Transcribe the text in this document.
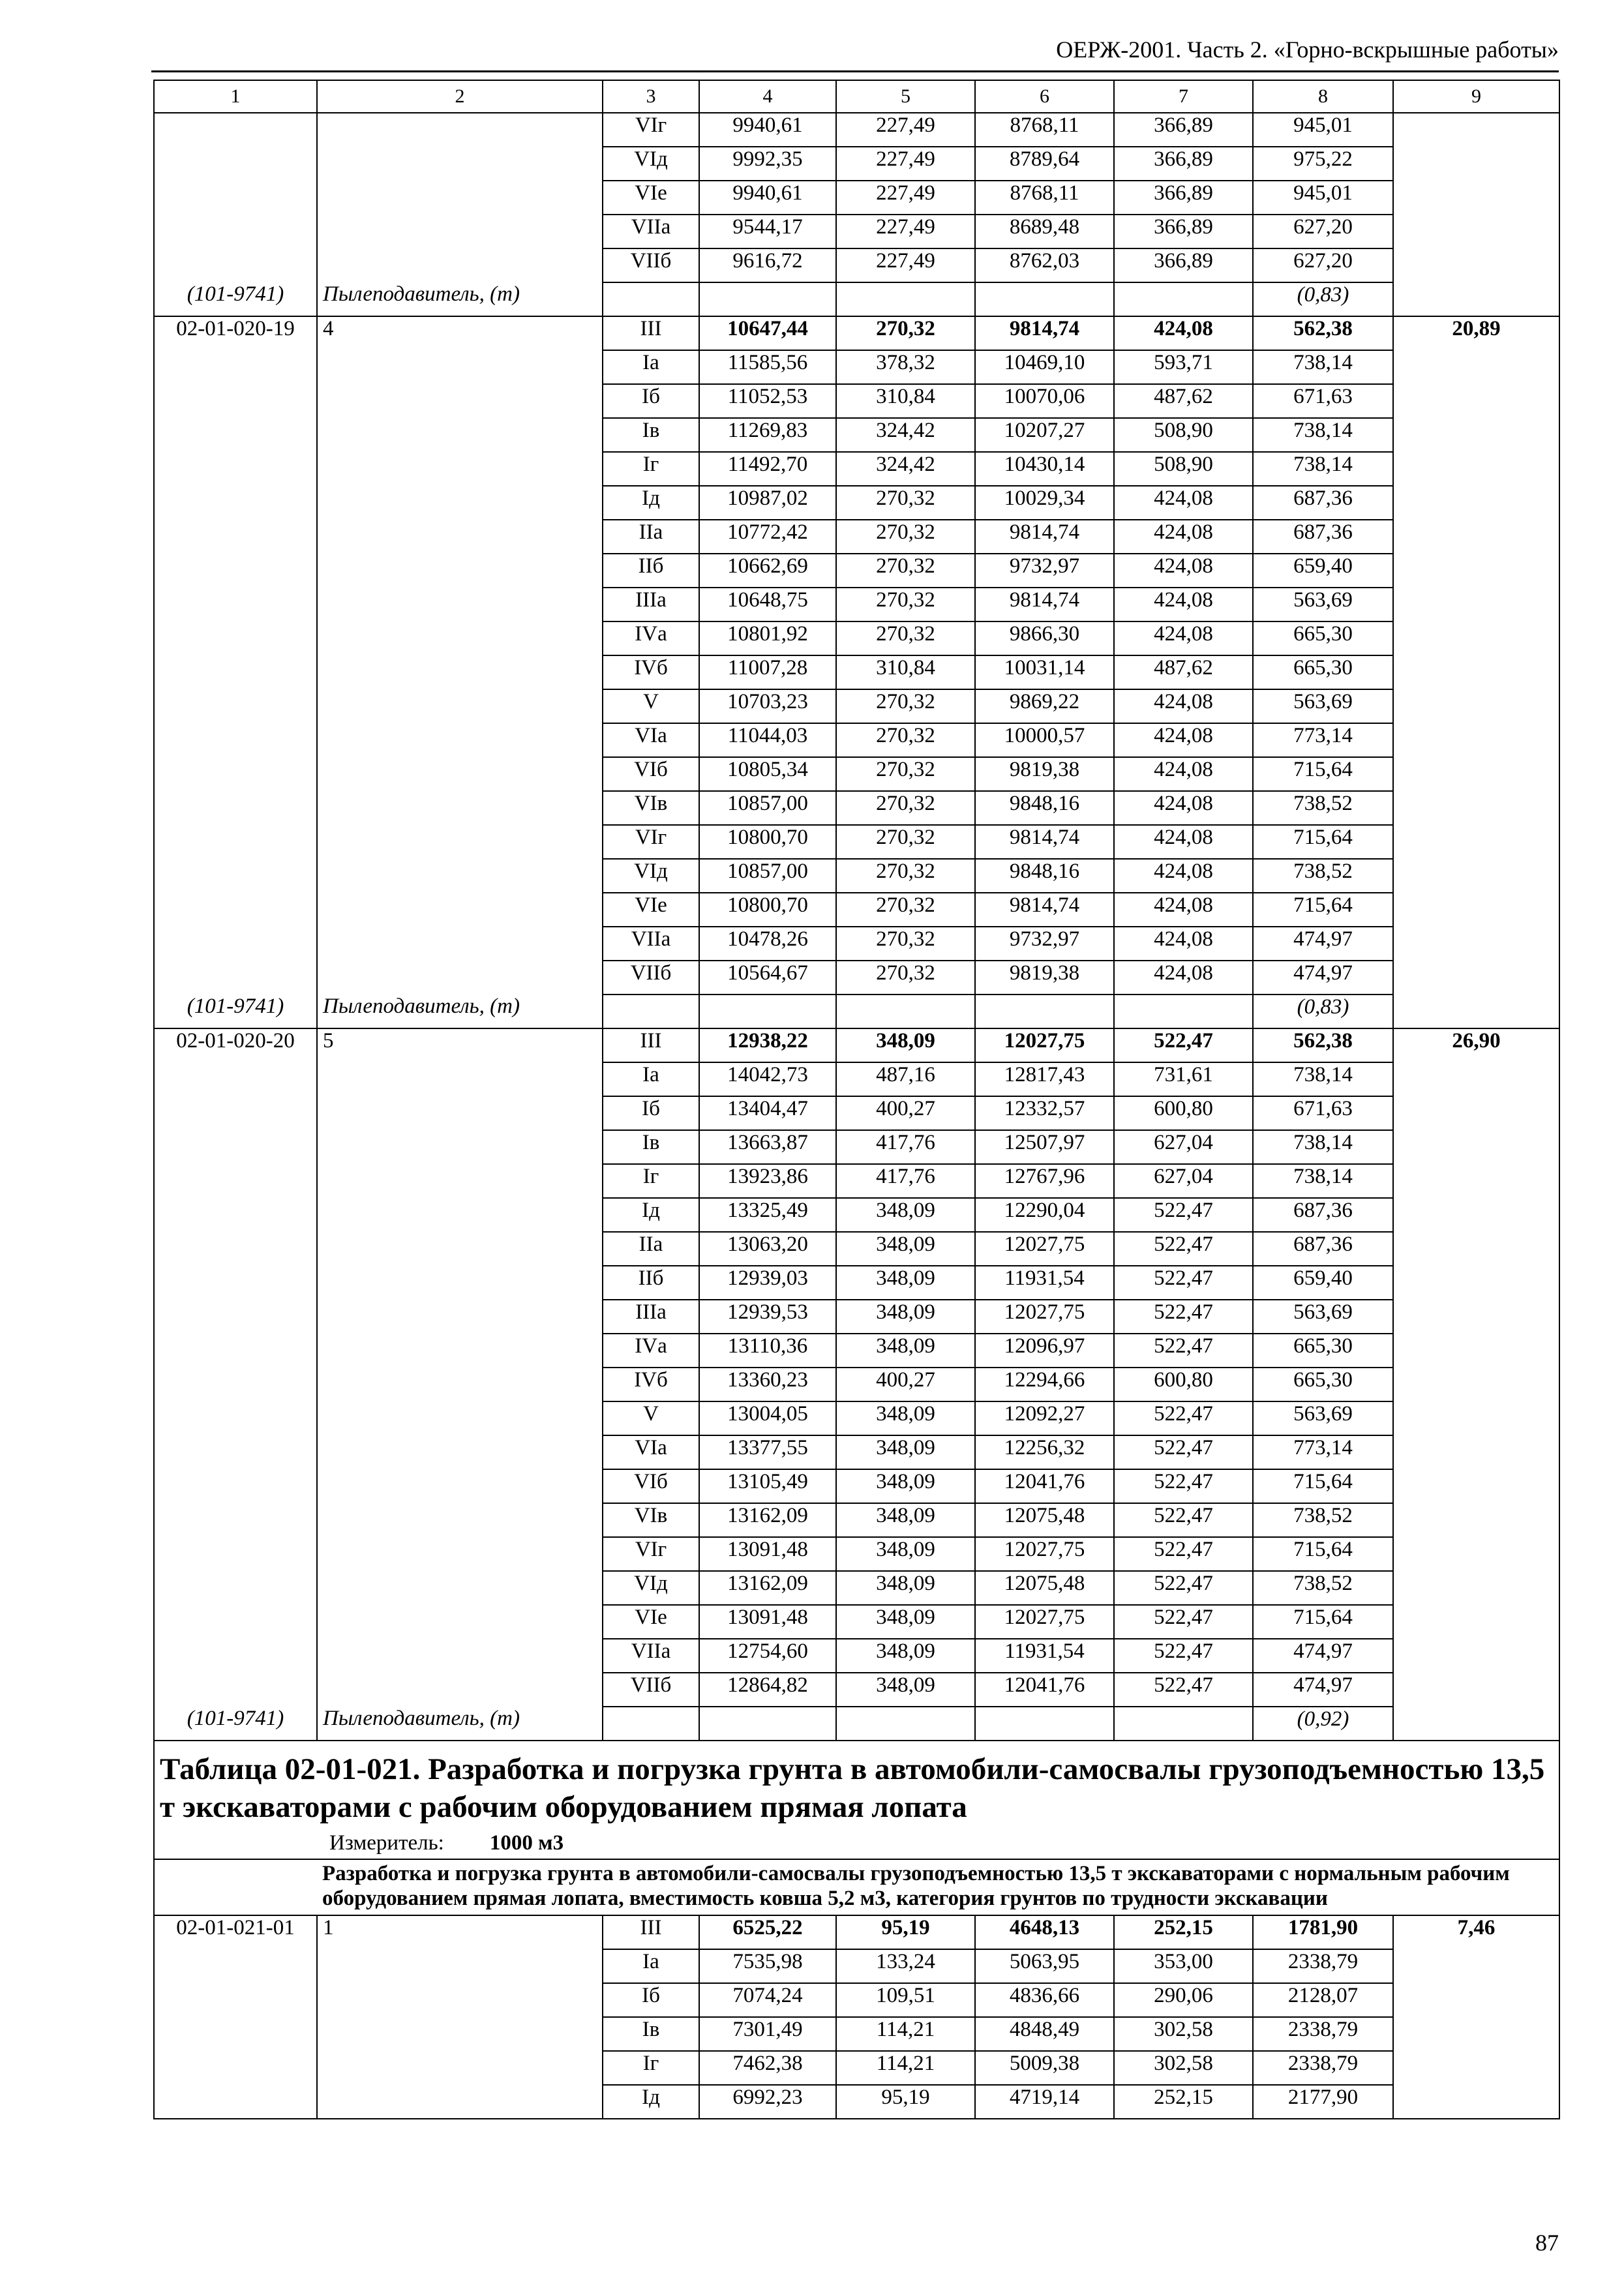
ОЕРЖ-2001. Часть 2. «Горно-вскрышные работы»
1	2	3	4	5	6	7	8	9
		VIг	9940,61	227,49	8768,11	366,89	945,01	
		VIд	9992,35	227,49	8789,64	366,89	975,22	
		VIе	9940,61	227,49	8768,11	366,89	945,01	
		VIIа	9544,17	227,49	8689,48	366,89	627,20	
		VIIб	9616,72	227,49	8762,03	366,89	627,20	
(101-9741)	Пылеподавитель, (т)						(0,83)	
02-01-020-19	4	III	10647,44	270,32	9814,74	424,08	562,38	20,89
		Iа	11585,56	378,32	10469,10	593,71	738,14	
		Iб	11052,53	310,84	10070,06	487,62	671,63	
		Iв	11269,83	324,42	10207,27	508,90	738,14	
		Iг	11492,70	324,42	10430,14	508,90	738,14	
		Iд	10987,02	270,32	10029,34	424,08	687,36	
		IIа	10772,42	270,32	9814,74	424,08	687,36	
		IIб	10662,69	270,32	9732,97	424,08	659,40	
		IIIа	10648,75	270,32	9814,74	424,08	563,69	
		IVа	10801,92	270,32	9866,30	424,08	665,30	
		IVб	11007,28	310,84	10031,14	487,62	665,30	
		V	10703,23	270,32	9869,22	424,08	563,69	
		VIа	11044,03	270,32	10000,57	424,08	773,14	
		VIб	10805,34	270,32	9819,38	424,08	715,64	
		VIв	10857,00	270,32	9848,16	424,08	738,52	
		VIг	10800,70	270,32	9814,74	424,08	715,64	
		VIд	10857,00	270,32	9848,16	424,08	738,52	
		VIе	10800,70	270,32	9814,74	424,08	715,64	
		VIIа	10478,26	270,32	9732,97	424,08	474,97	
		VIIб	10564,67	270,32	9819,38	424,08	474,97	
(101-9741)	Пылеподавитель, (т)						(0,83)	
02-01-020-20	5	III	12938,22	348,09	12027,75	522,47	562,38	26,90
		Iа	14042,73	487,16	12817,43	731,61	738,14	
		Iб	13404,47	400,27	12332,57	600,80	671,63	
		Iв	13663,87	417,76	12507,97	627,04	738,14	
		Iг	13923,86	417,76	12767,96	627,04	738,14	
		Iд	13325,49	348,09	12290,04	522,47	687,36	
		IIа	13063,20	348,09	12027,75	522,47	687,36	
		IIб	12939,03	348,09	11931,54	522,47	659,40	
		IIIа	12939,53	348,09	12027,75	522,47	563,69	
		IVа	13110,36	348,09	12096,97	522,47	665,30	
		IVб	13360,23	400,27	12294,66	600,80	665,30	
		V	13004,05	348,09	12092,27	522,47	563,69	
		VIа	13377,55	348,09	12256,32	522,47	773,14	
		VIб	13105,49	348,09	12041,76	522,47	715,64	
		VIв	13162,09	348,09	12075,48	522,47	738,52	
		VIг	13091,48	348,09	12027,75	522,47	715,64	
		VIд	13162,09	348,09	12075,48	522,47	738,52	
		VIе	13091,48	348,09	12027,75	522,47	715,64	
		VIIа	12754,60	348,09	11931,54	522,47	474,97	
		VIIб	12864,82	348,09	12041,76	522,47	474,97	
(101-9741)	Пылеподавитель, (т)						(0,92)	

Таблица 02-01-021. Разработка и погрузка грунта в автомобили-самосвалы грузоподъемностью 13,5 т экскаваторами с рабочим оборудованием прямая лопата
Измеритель: 1000 м3								

	Разработка и погрузка грунта в автомобили-самосвалы грузоподъемностью 13,5 т экскаваторами с нормальным рабочим оборудованием прямая лопата, вместимость ковша 5,2 м3, категория грунтов по трудности экскавации							
02-01-021-01	1	III	6525,22	95,19	4648,13	252,15	1781,90	7,46
		Iа	7535,98	133,24	5063,95	353,00	2338,79	
		Iб	7074,24	109,51	4836,66	290,06	2128,07	
		Iв	7301,49	114,21	4848,49	302,58	2338,79	
		Iг	7462,38	114,21	5009,38	302,58	2338,79	
		Iд	6992,23	95,19	4719,14	252,15	2177,90	
87
